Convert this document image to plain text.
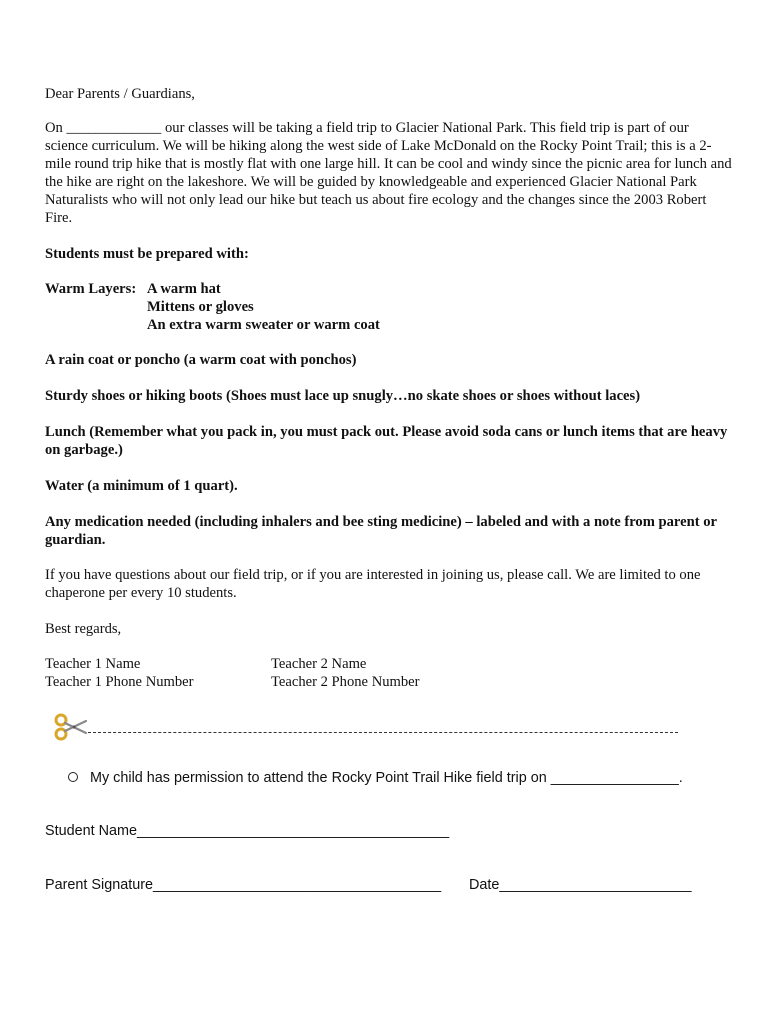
Dear Parents / Guardians,

On _____________ our classes will be taking a field trip to Glacier National Park. This field trip is part of our science curriculum. We will be hiking along the west side of Lake McDonald on the Rocky Point Trail; this is a 2-mile round trip hike that is mostly flat with one large hill. It can be cool and windy since the picnic area for lunch and the hike are right on the lakeshore. We will be guided by knowledgeable and experienced Glacier National Park Naturalists who will not only lead our hike but teach us about fire ecology and the changes since the 2003 Robert Fire.

Students must be prepared with:
Warm Layers: A warm hat
Mittens or gloves
An extra warm sweater or warm coat
A rain coat or poncho (a warm coat with ponchos)
Sturdy shoes or hiking boots (Shoes must lace up snugly…no skate shoes or shoes without laces)

Lunch (Remember what you pack in, you must pack out. Please avoid soda cans or lunch items that are heavy on garbage.)

Water (a minimum of 1 quart).

Any medication needed (including inhalers and bee sting medicine) – labeled and with a note from parent or guardian.

If you have questions about our field trip, or if you are interested in joining us, please call. We are limited to one chaperone per every 10 students.

Best regards,
Teacher 1 Name
Teacher 1 Phone Number
Teacher 2 Name
Teacher 2 Phone Number
My child has permission to attend the Rocky Point Trail Hike field trip on ________________.
Student Name_______________________________________
Parent Signature____________________________________ Date________________________
